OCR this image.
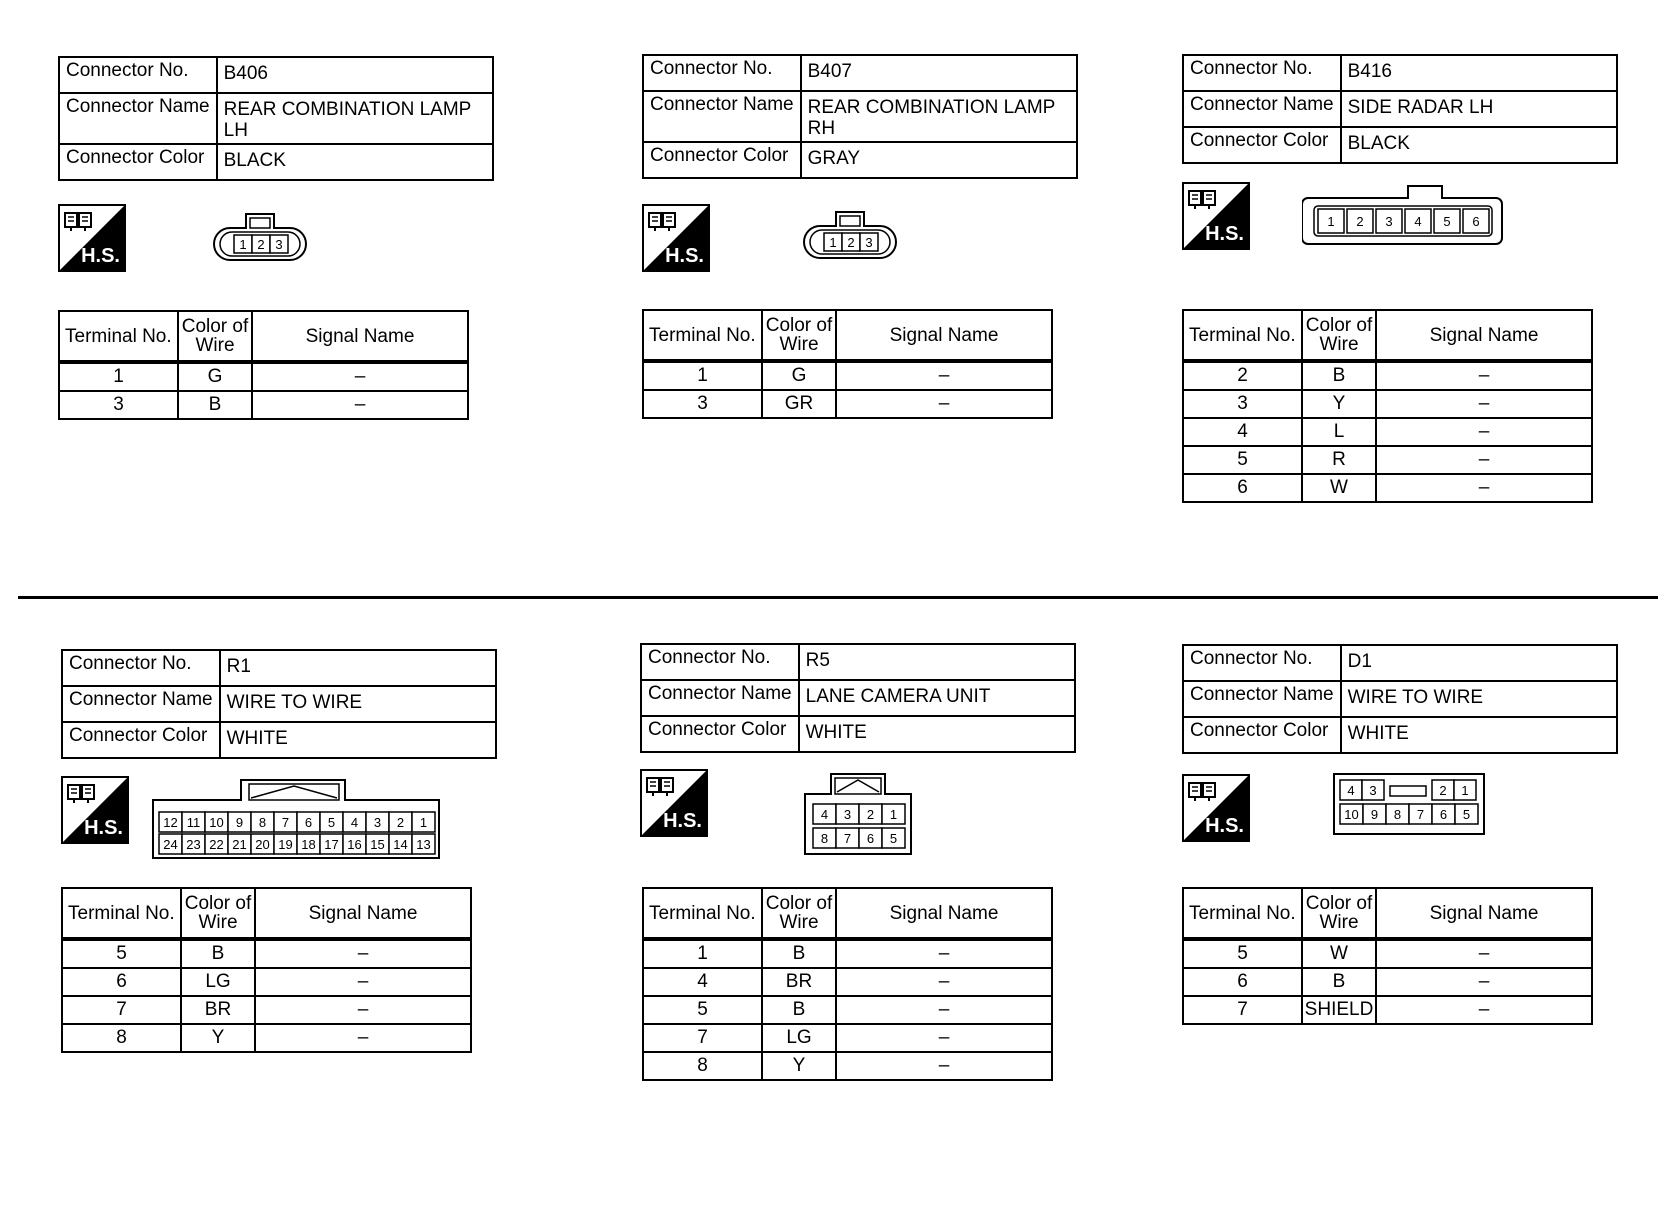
Connector No.	B406
Connector Name	REAR COMBINATION LAMP LH
Connector Color	BLACK
H.S.
1 2 3
Terminal No.	Color of Wire	Signal Name
1	G	–
3	B	–
Connector No.	B407
Connector Name	REAR COMBINATION LAMP RH
Connector Color	GRAY
H.S.
1 2 3
Terminal No.	Color of Wire	Signal Name
1	G	–
3	GR	–
Connector No.	B416
Connector Name	SIDE RADAR LH
Connector Color	BLACK
H.S.
1 2 3 4 5 6
Terminal No.	Color of Wire	Signal Name
2	B	–
3	Y	–
4	L	–
5	R	–
6	W	–
Connector No.	R1
Connector Name	WIRE TO WIRE
Connector Color	WHITE
H.S.	12 11 10 9 8 7 6 5 4 3 2 1
24 23 22 21 20 19 18 17 16 15 14 13
Terminal No.	Color of Wire	Signal Name
5	B	–
6	LG	–
7	BR	–
8	Y	–
Connector No.	R5
Connector Name	LANE CAMERA UNIT
Connector Color	WHITE
H.S.	4 3 2 1
8 7 6 5
Terminal No.	Color of Wire	Signal Name
1	B	–
4	BR	–
5	B	–
7	LG	–
8	Y	–
Connector No.	D1
Connector Name	WIRE TO WIRE
Connector Color	WHITE
H.S.
4 3	2 1
10 9 8 7 6 5
Terminal No.	Color of Wire	Signal Name
5	W	–
6	B	–
7	SHIELD	–
